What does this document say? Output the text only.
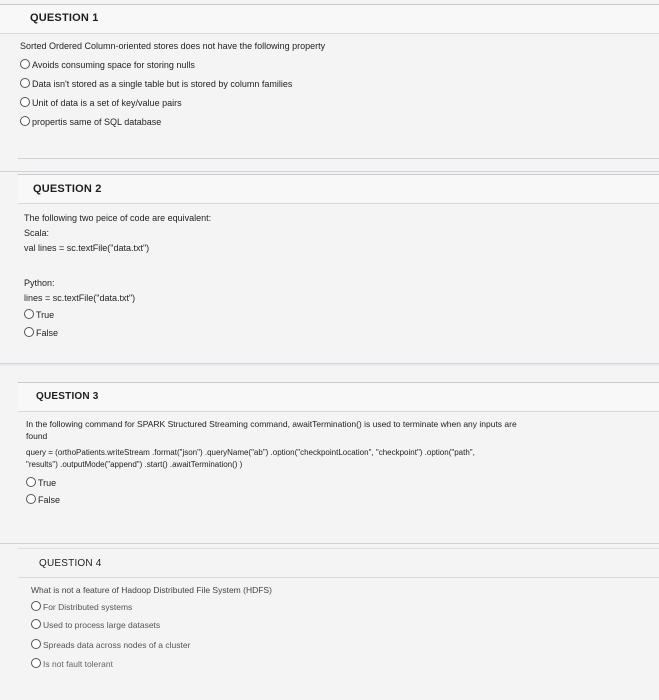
QUESTION 1
Sorted Ordered Column-oriented stores does not have the following property
Avoids consuming space for storing nulls
Data isn't stored as a single table but is stored by column families
Unit of data is a set of key/value pairs
propertis same of SQL database
QUESTION 2
The following two peice of code are equivalent:
Scala:
val lines = sc.textFile("data.txt")
Python:
lines = sc.textFile("data.txt")
True
False
QUESTION 3
In the following command for SPARK Structured Streaming command, awaitTermination() is used to terminate when any inputs are
found
query = (orthoPatients.writeStream .format("json") .queryName("ab") .option("checkpointLocation", "checkpoint") .option("path",
"results") .outputMode("append") .start() .awaitTermination() )
True
False
QUESTION 4
What is not a feature of Hadoop Distributed File System (HDFS)
For Distributed systems
Used to process large datasets
Spreads data across nodes of a cluster
Is not fault tolerant
